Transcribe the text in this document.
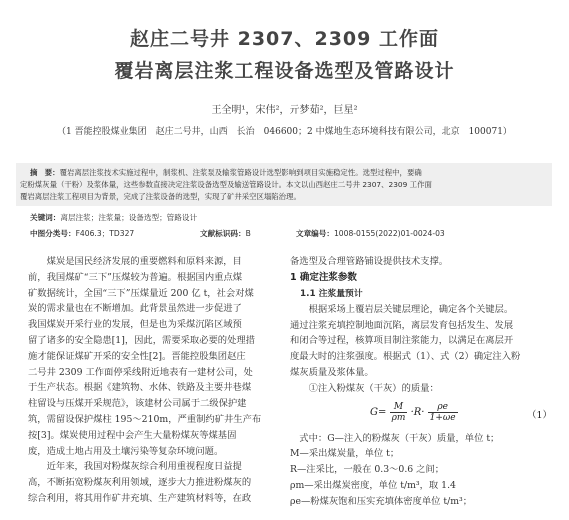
赵庄二号井 2307、2309 工作面
覆岩离层注浆工程设备选型及管路设计
王全明¹，宋伟²，亓梦茹²，巨星²
（1 晋能控股煤业集团　赵庄二号井，山西　长治　046600；2 中煤地生态环境科技有限公司，北京　100071）
摘　要：覆岩离层注浆技术实施过程中，制浆机、注浆泵及输浆管路设计选型影响到项目实施稳定性。选型过程中，要确
定粉煤灰量（干粉）及浆体量，这些参数直接决定注浆设备选型及输送管路设计。本文以山西赵庄二号井 2307、2309 工作面
覆岩离层注浆工程项目为背景，完成了注浆设备的选型，实现了矿井采空区塌陷治理。
关键词：离层注浆；注浆量；设备选型；管路设计
中图分类号：F406.3；TD327	文献标识码：B	文章编号：1008-0155(2022)01-0024-03
　　煤炭是国民经济发展的重要燃料和原料来源，目
前，我国煤矿“三下”压煤较为普遍。根据国内重点煤
矿数据统计，全国“三下”压煤量近 200 亿 t，社会对煤
炭的需求量也在不断增加。此背景虽然进一步促进了
我国煤炭开采行业的发展，但是也为采煤沉陷区域预
留了诸多的安全隐患[1]，因此，需要采取必要的处理措
施才能保证煤矿开采的安全性[2]。晋能控股集团赵庄
二号井 2309 工作面停采线附近地表有一建材公司，处
于生产状态。根据《建筑物、水体、铁路及主要井巷煤
柱留设与压煤开采规范》，该建材公司属于二级保护建
筑，需留设保护煤柱 195～210m，严重制约矿井生产布
按[3]。煤炭使用过程中会产生大量粉煤灰等煤基固
废，造成土地占用及土壤污染等复杂环境问题。
　　近年来，我国对粉煤灰综合利用重视程度日益提
高，不断拓宽粉煤灰利用领域，逐步大力推进粉煤灰的
综合利用，将其用作矿井充填、生产建筑材料等，在政
备选型及合理管路铺设提供技术支撑。
1 确定注浆参数
1.1 注浆量预计
　　根据采场上覆岩层关键层理论，确定各个关键层。
通过注浆充填控制地面沉陷，离层发育包括发生、发展
和闭合等过程，核算项目制注浆能力，以满足在离层开
度最大时的注浆强度。根据式（1）、式（2）确定注入粉
煤灰质量及浆体量。
　　①注入粉煤灰（干灰）的质量：
$G= \frac{M}{\rho m} \cdot R\cdot \frac{\rho e}{1+\omega e}$	（1）
　式中：G—注入的粉煤灰（干灰）质量，单位 t；
M—采出煤炭量，单位 t；
R—注采比，一般在 0.3～0.6 之间；
ρm—采出煤炭密度，单位 t/m³，取 1.4
ρe—粉煤灰饱和压实充填体密度单位 t/m³；
